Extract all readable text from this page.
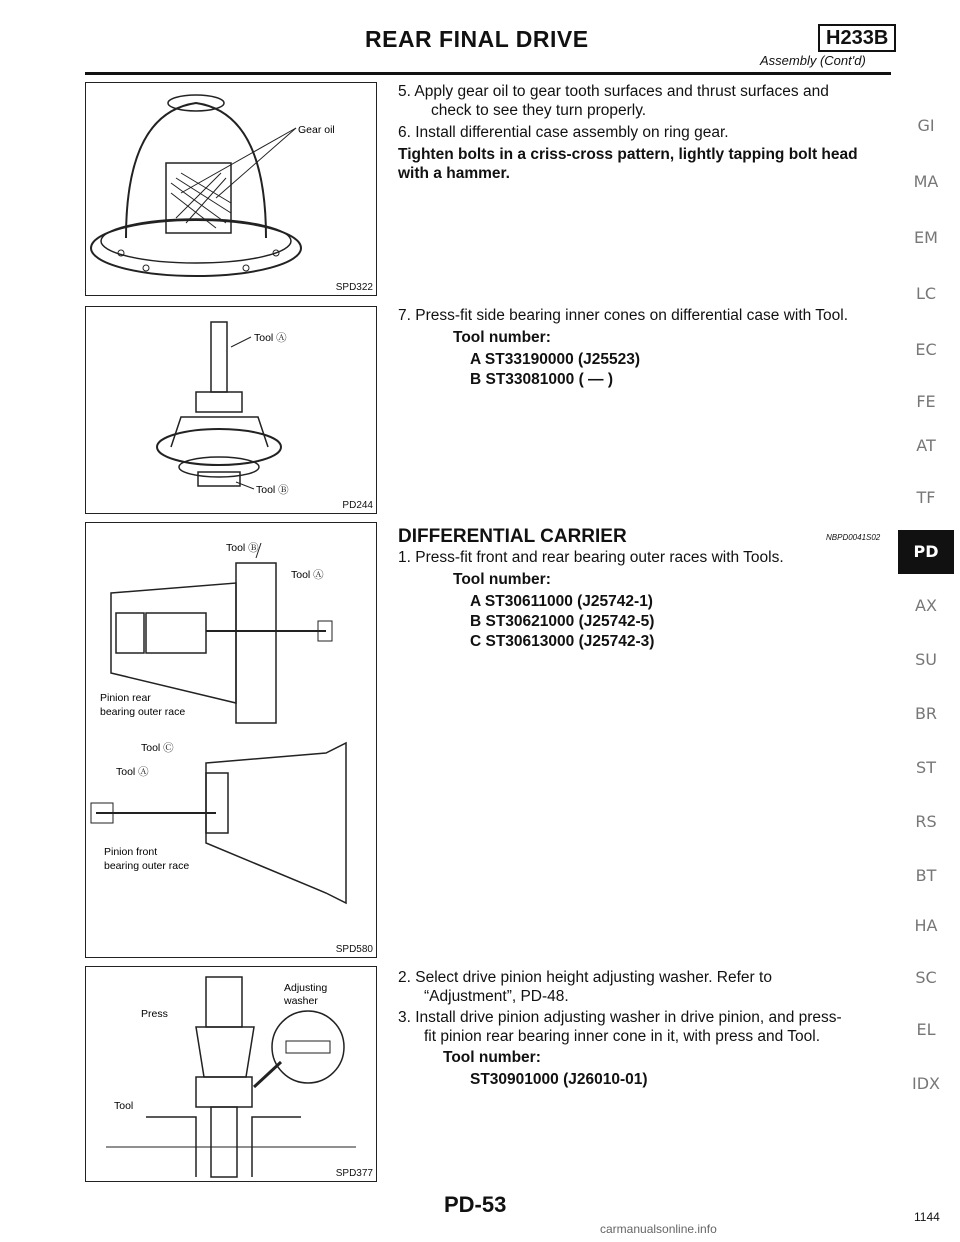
REAR FINAL DRIVE	H233B
Assembly (Cont'd)
Gear oil
SPD322
Tool Ⓐ
Tool Ⓑ
PD244
Tool Ⓑ
Tool Ⓐ
Pinion rear
bearing outer race
Tool Ⓒ
Tool Ⓐ
Pinion front
bearing outer race
SPD580
Adjusting
washer
Press
Tool
SPD377
5. Apply gear oil to gear tooth surfaces and thrust surfaces and
check to see they turn properly.
6. Install differential case assembly on ring gear.
Tighten bolts in a criss-cross pattern, lightly tapping bolt head
with a hammer.
7. Press-fit side bearing inner cones on differential case with Tool.
Tool number:
A ST33190000 (J25523)
B ST33081000 ( — )
DIFFERENTIAL CARRIER	NBPD0041S02
1. Press-fit front and rear bearing outer races with Tools.
Tool number:
A ST30611000 (J25742-1)
B ST30621000 (J25742-5)
C ST30613000 (J25742-3)
2. Select drive pinion height adjusting washer. Refer to
“Adjustment”, PD-48.
3. Install drive pinion adjusting washer in drive pinion, and press-
fit pinion rear bearing inner cone in it, with press and Tool.
Tool number:
ST30901000 (J26010-01)
GI
MA
EM
LC
EC
FE
AT
TF
PD
AX
SU
BR
ST
RS
BT
HA
SC
EL
IDX
PD-53	1144
carmanualsonline.info
